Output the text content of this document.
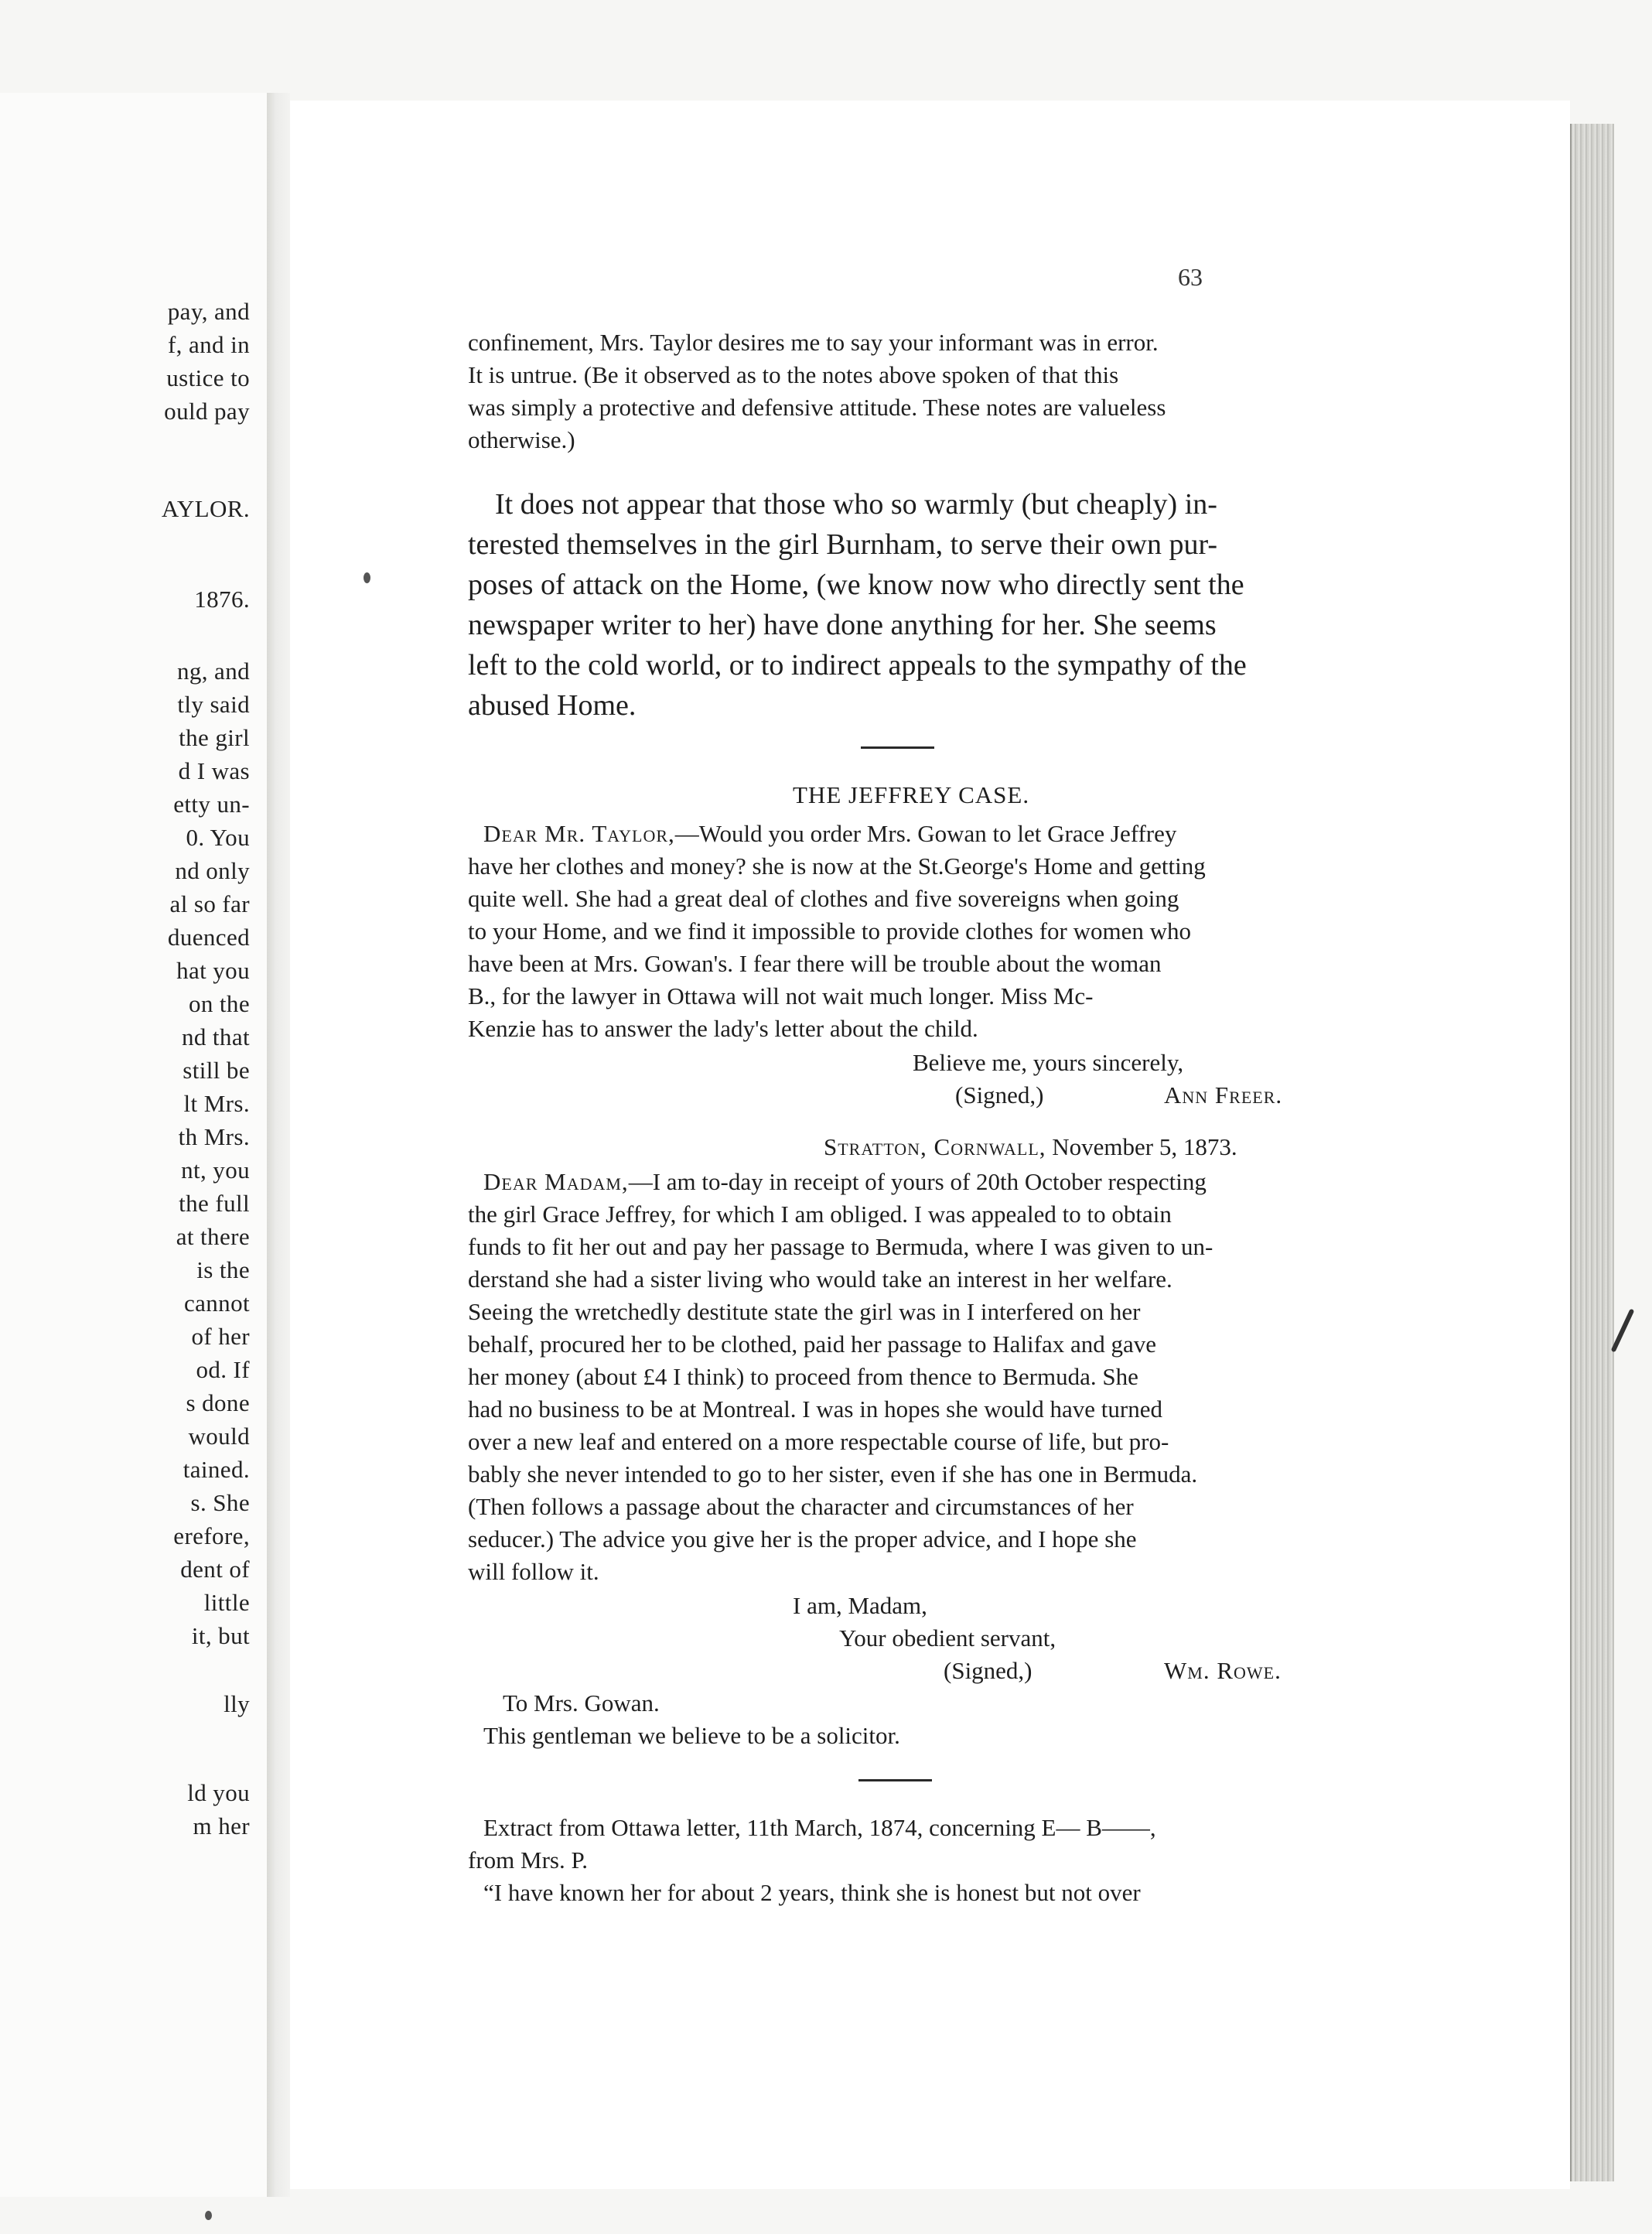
pay, and
f, and in
ustice to
ould pay
AYLOR.
1876.
ng, and
tly said
the girl
d I was
etty un-
0. You
nd only
al so far
duenced
hat you
on the
nd that
still be
lt Mrs.
th Mrs.
nt, you
the full
at there
is the
cannot
of her
od. If
s done
would
tained.
s. She
erefore,
dent of
little
it, but
lly
ld you
m her
63
confinement, Mrs. Taylor desires me to say your informant was in error.
It is untrue. (Be it observed as to the notes above spoken of that this
was simply a protective and defensive attitude. These notes are valueless
otherwise.)
It does not appear that those who so warmly (but cheaply) in-
terested themselves in the girl Burnham, to serve their own pur-
poses of attack on the Home, (we know now who directly sent the
newspaper writer to her) have done anything for her. She seems
left to the cold world, or to indirect appeals to the sympathy of the
abused Home.
THE JEFFREY CASE.
Dear Mr. Taylor,—Would you order Mrs. Gowan to let Grace Jeffrey
have her clothes and money? she is now at the St.George's Home and getting
quite well. She had a great deal of clothes and five sovereigns when going
to your Home, and we find it impossible to provide clothes for women who
have been at Mrs. Gowan's. I fear there will be trouble about the woman
B., for the lawyer in Ottawa will not wait much longer. Miss Mc-
Kenzie has to answer the lady's letter about the child.
Believe me, yours sincerely,
(Signed,)	Ann Freer.
Stratton, Cornwall, November 5, 1873.
Dear Madam,—I am to-day in receipt of yours of 20th October respecting
the girl Grace Jeffrey, for which I am obliged. I was appealed to to obtain
funds to fit her out and pay her passage to Bermuda, where I was given to un-
derstand she had a sister living who would take an interest in her welfare.
Seeing the wretchedly destitute state the girl was in I interfered on her
behalf, procured her to be clothed, paid her passage to Halifax and gave
her money (about £4 I think) to proceed from thence to Bermuda. She
had no business to be at Montreal. I was in hopes she would have turned
over a new leaf and entered on a more respectable course of life, but pro-
bably she never intended to go to her sister, even if she has one in Bermuda.
(Then follows a passage about the character and circumstances of her
seducer.) The advice you give her is the proper advice, and I hope she
will follow it.
I am, Madam,
Your obedient servant,
(Signed,)	Wm. Rowe.
To Mrs. Gowan.
This gentleman we believe to be a solicitor.
Extract from Ottawa letter, 11th March, 1874, concerning E— B——,
from Mrs. P.
“I have known her for about 2 years, think she is honest but not over
